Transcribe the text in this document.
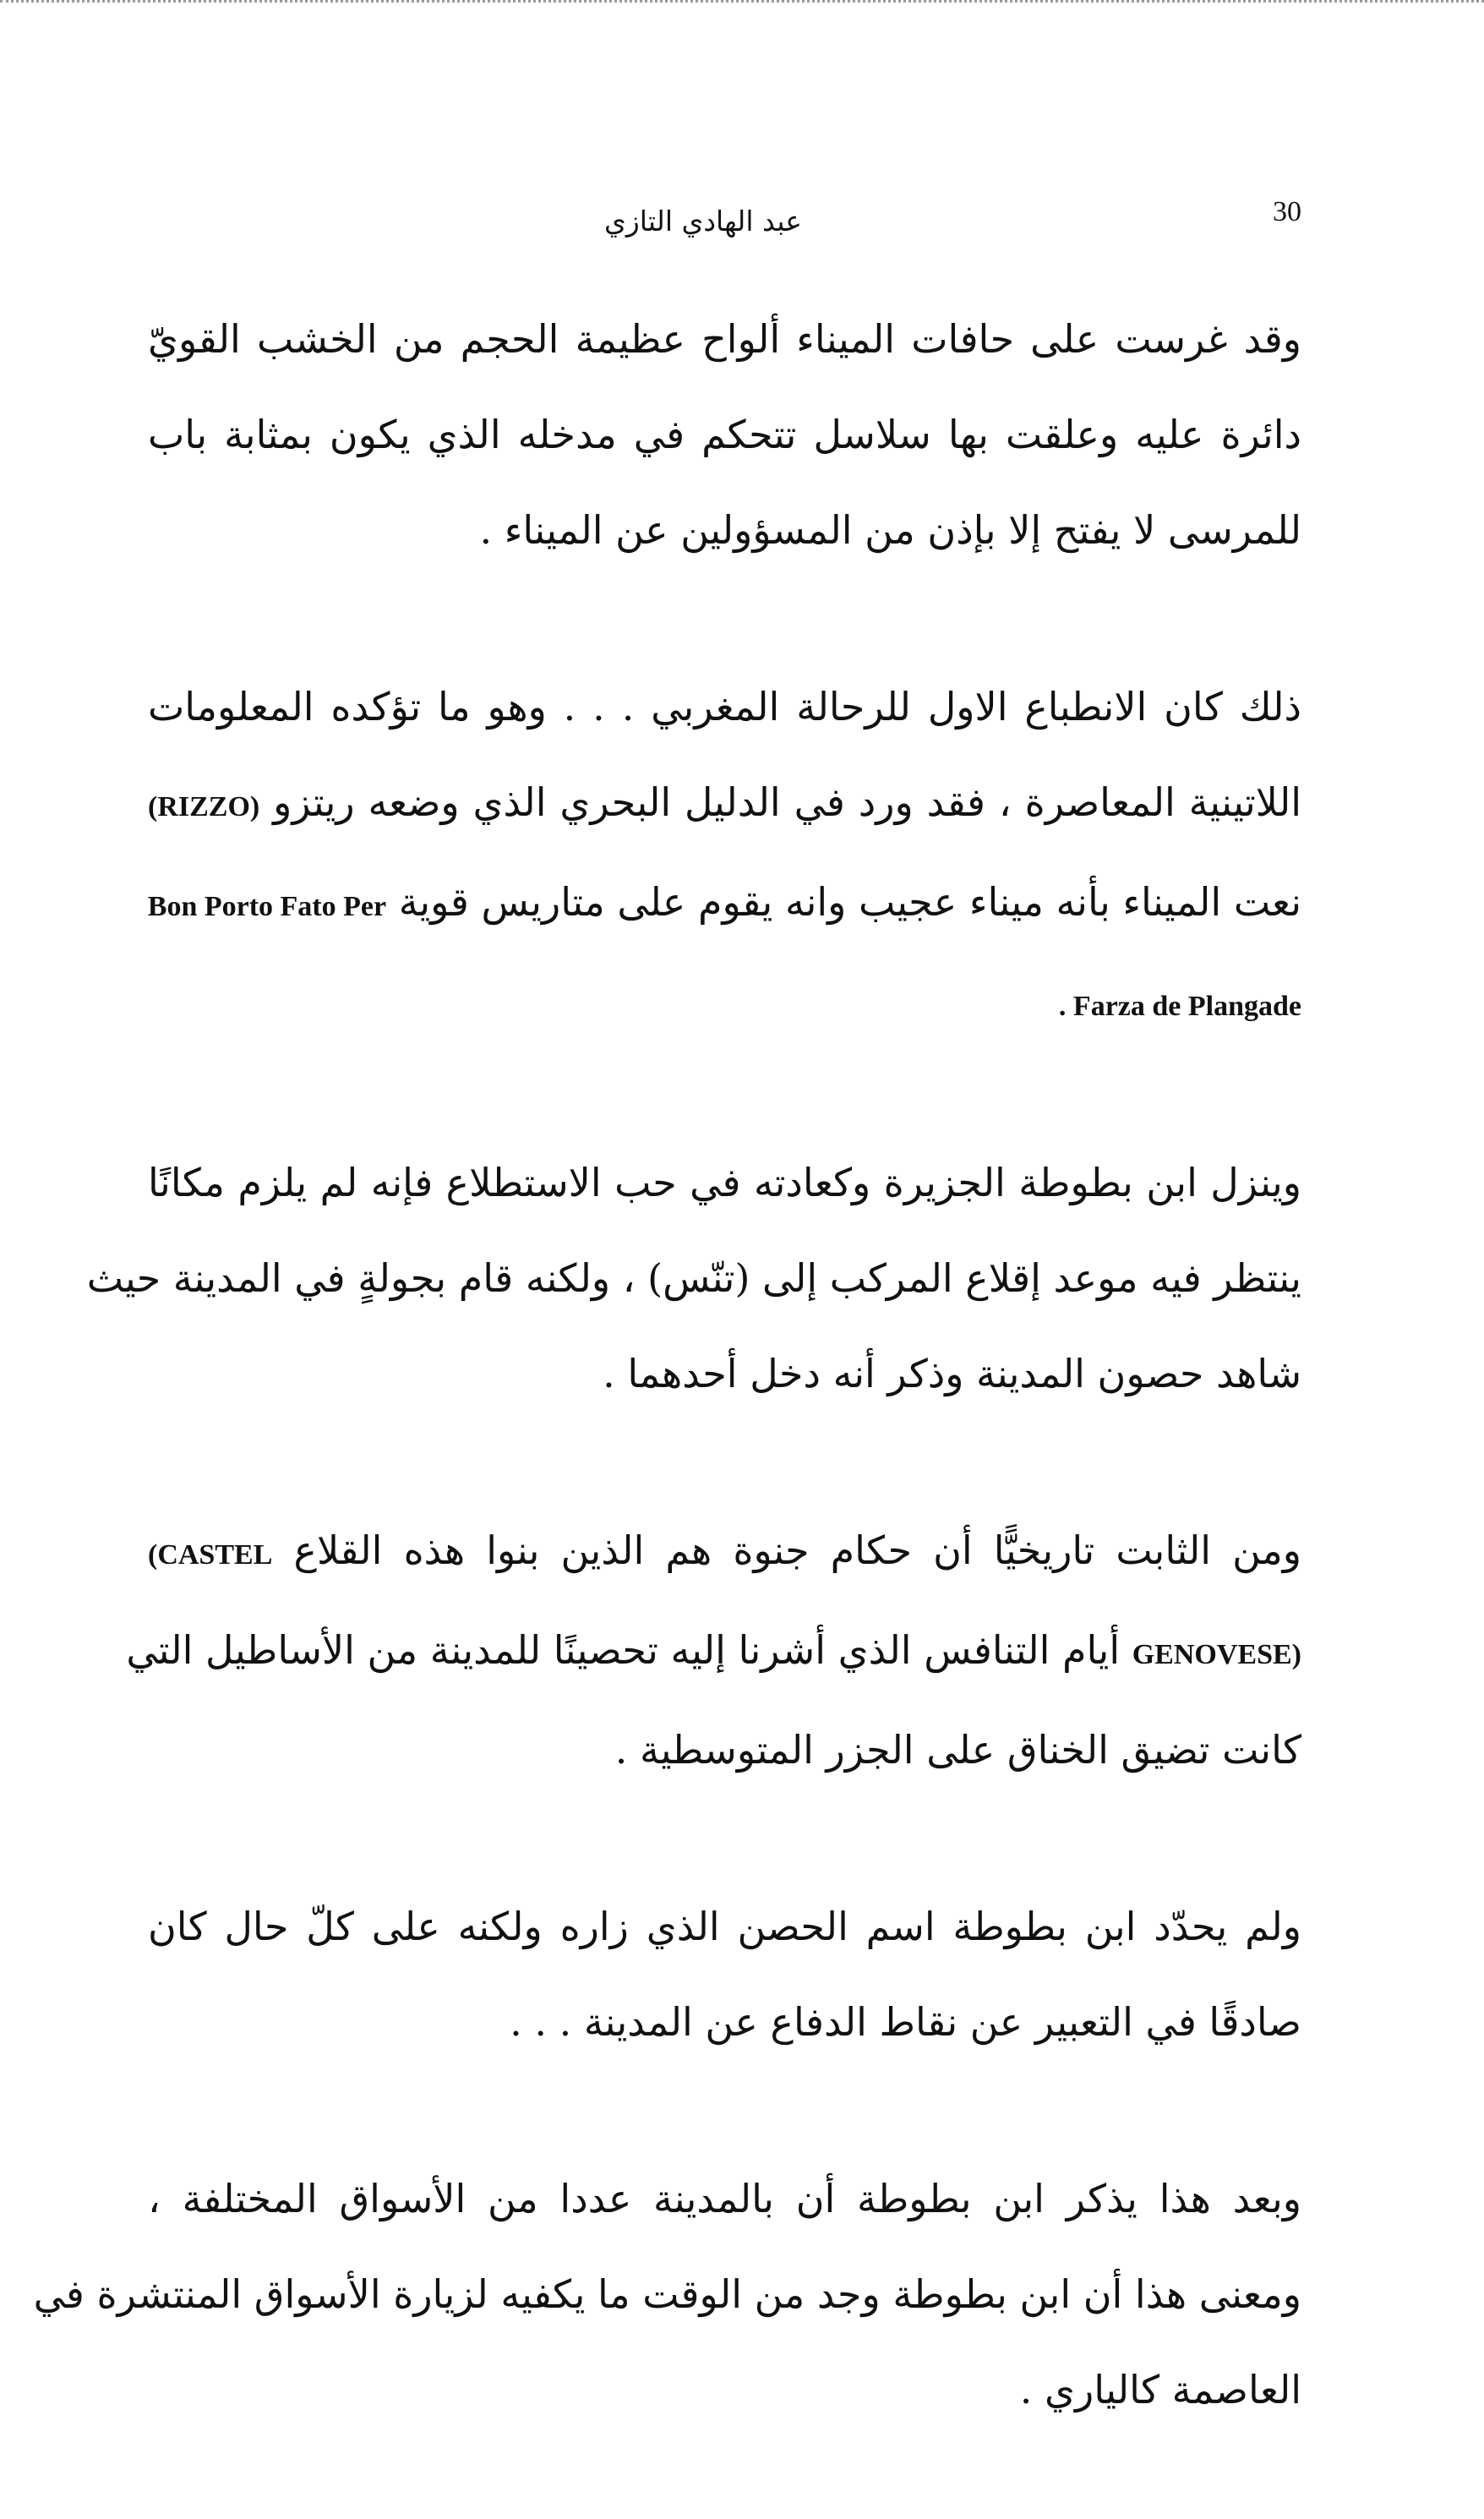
30
عبد الهادي التازي

وقد غرست على حافات الميناء ألواح عظيمة الحجم من الخشب القويّ
دائرة عليه وعلقت بها سلاسل تتحكم في مدخله الذي يكون بمثابة باب
للمرسى لا يفتح إلا بإذن من المسؤولين عن الميناء .

ذلك كان الانطباع الاول للرحالة المغربي . . . وهو ما تؤكده المعلومات
اللاتينية المعاصرة ، فقد ورد في الدليل البحري الذي وضعه ريتزو (RIZZO)
نعت الميناء بأنه ميناء عجيب وانه يقوم على متاريس قوية Bon Porto Fato Per
. Farza de Plangade

وينزل ابن بطوطة الجزيرة وكعادته في حب الاستطلاع فإنه لم يلزم مكانًا
ينتظر فيه موعد إقلاع المركب إلى (تنّس) ، ولكنه قام بجولةٍ في المدينة حيث
شاهد حصون المدينة وذكر أنه دخل أحدهما .

ومن الثابت تاريخيًّا أن حكام جنوة هم الذين بنوا هذه القلاع (CASTEL
GENOVESE) أيام التنافس الذي أشرنا إليه تحصينًا للمدينة من الأساطيل التي
كانت تضيق الخناق على الجزر المتوسطية .

ولم يحدّد ابن بطوطة اسم الحصن الذي زاره ولكنه على كلّ حال كان
صادقًا في التعبير عن نقاط الدفاع عن المدينة . . .

وبعد هذا يذكر ابن بطوطة أن بالمدينة عددا من الأسواق المختلفة ،
ومعنى هذا أن ابن بطوطة وجد من الوقت ما يكفيه لزيارة الأسواق المنتشرة في
العاصمة كالياري .
